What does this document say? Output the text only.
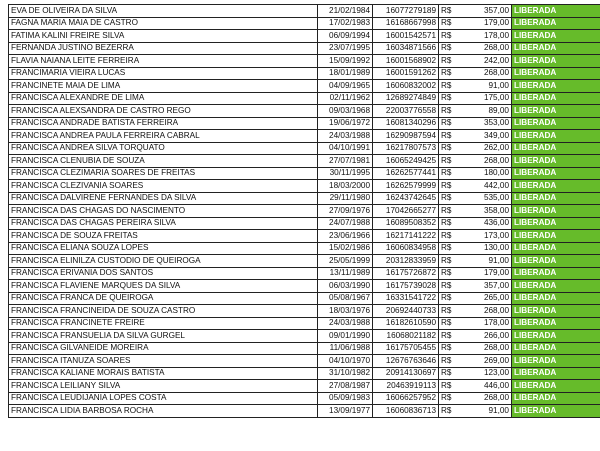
EVA DE OLIVEIRA DA SILVA	21/02/1984	16077279189	R$	357,00	LIBERADA
FAGNA MARIA MAIA DE CASTRO	17/02/1983	16168667998	R$	179,00	LIBERADA
FATIMA KALINI FREIRE SILVA	06/09/1994	16001542571	R$	178,00	LIBERADA
FERNANDA JUSTINO BEZERRA	23/07/1995	16034871566	R$	268,00	LIBERADA
FLAVIA NAIANA LEITE FERREIRA	15/09/1992	16001568902	R$	242,00	LIBERADA
FRANCIMARIA VIEIRA LUCAS	18/01/1989	16001591262	R$	268,00	LIBERADA
FRANCINETE MAIA DE LIMA	04/09/1965	16060832002	R$	91,00	LIBERADA
FRANCISCA ALEXANDRE DE LIMA	02/11/1962	12689274849	R$	175,00	LIBERADA
FRANCISCA ALEXSANDRA DE CASTRO REGO	09/03/1968	22003776558	R$	89,00	LIBERADA
FRANCISCA ANDRADE BATISTA FERREIRA	19/06/1972	16081340296	R$	353,00	LIBERADA
FRANCISCA ANDREA PAULA FERREIRA CABRAL	24/03/1988	16290987594	R$	349,00	LIBERADA
FRANCISCA ANDREA SILVA TORQUATO	04/10/1991	16217807573	R$	262,00	LIBERADA
FRANCISCA CLENUBIA DE SOUZA	27/07/1981	16065249425	R$	268,00	LIBERADA
FRANCISCA CLEZIMARIA SOARES DE FREITAS	30/11/1995	16262577441	R$	180,00	LIBERADA
FRANCISCA CLEZIVANIA SOARES	18/03/2000	16262579999	R$	442,00	LIBERADA
FRANCISCA DALVIRENE FERNANDES DA SILVA	29/11/1980	16243742645	R$	535,00	LIBERADA
FRANCISCA DAS CHAGAS DO NASCIMENTO	27/09/1976	17042665277	R$	358,00	LIBERADA
FRANCISCA DAS CHAGAS PEREIRA SILVA	24/07/1988	16089508352	R$	436,00	LIBERADA
FRANCISCA DE SOUZA FREITAS	23/06/1966	16217141222	R$	173,00	LIBERADA
FRANCISCA ELIANA SOUZA LOPES	15/02/1986	16060834958	R$	130,00	LIBERADA
FRANCISCA ELINILZA CUSTODIO DE QUEIROGA	25/05/1999	20312833959	R$	91,00	LIBERADA
FRANCISCA ERIVANIA DOS SANTOS	13/11/1989	16175726872	R$	179,00	LIBERADA
FRANCISCA FLAVIENE MARQUES DA SILVA	06/03/1990	16175739028	R$	357,00	LIBERADA
FRANCISCA FRANCA DE QUEIROGA	05/08/1967	16331541722	R$	265,00	LIBERADA
FRANCISCA FRANCINEIDA DE SOUZA CASTRO	18/03/1976	20692440733	R$	268,00	LIBERADA
FRANCISCA FRANCINETE FREIRE	24/03/1988	16182610590	R$	178,00	LIBERADA
FRANCISCA FRANSUELIA DA SILVA GURGEL	09/01/1990	16068021182	R$	266,00	LIBERADA
FRANCISCA GILVANEIDE MOREIRA	11/06/1988	16175705455	R$	268,00	LIBERADA
FRANCISCA ITANUZA SOARES	04/10/1970	12676763646	R$	269,00	LIBERADA
FRANCISCA KALIANE MORAIS BATISTA	31/10/1982	20914130697	R$	123,00	LIBERADA
FRANCISCA LEILIANY SILVA	27/08/1987	20463919113	R$	446,00	LIBERADA
FRANCISCA LEUDIJANIA LOPES COSTA	05/09/1983	16066257952	R$	268,00	LIBERADA
FRANCISCA LIDIA BARBOSA ROCHA	13/09/1977	16060836713	R$	91,00	LIBERADA
